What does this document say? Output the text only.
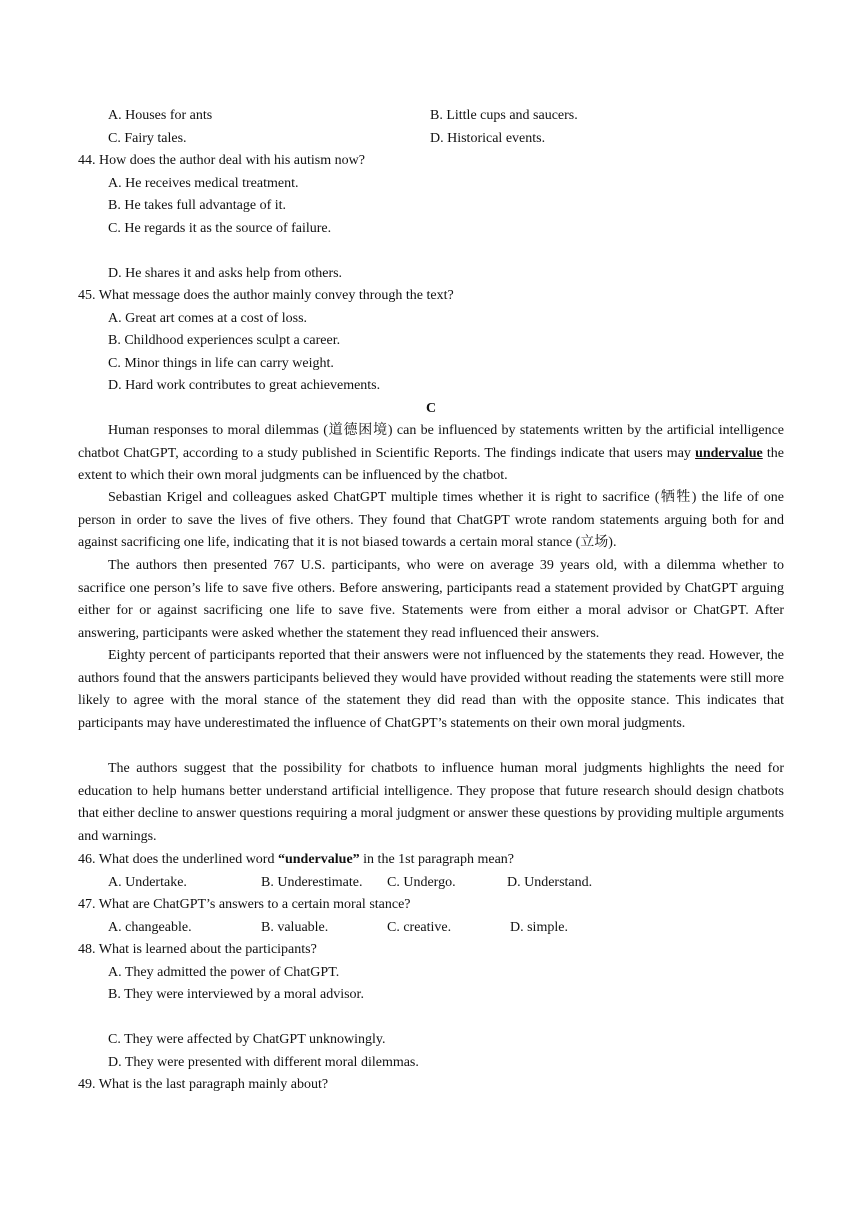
A. Houses for ants	B. Little cups and saucers.
C. Fairy tales.	D. Historical events.
44. How does the author deal with his autism now?
A. He receives medical treatment.
B. He takes full advantage of it.
C. He regards it as the source of failure.
D. He shares it and asks help from others.
45. What message does the author mainly convey through the text?
A. Great art comes at a cost of loss.
B. Childhood experiences sculpt a career.
C. Minor things in life can carry weight.
D. Hard work contributes to great achievements.
C

Human responses to moral dilemmas (道德困境) can be influenced by statements written by the artificial intelligence chatbot ChatGPT, according to a study published in Scientific Reports. The findings indicate that users may undervalue the extent to which their own moral judgments can be influenced by the chatbot.

Sebastian Krigel and colleagues asked ChatGPT multiple times whether it is right to sacrifice (牺牲) the life of one person in order to save the lives of five others. They found that ChatGPT wrote random statements arguing both for and against sacrificing one life, indicating that it is not biased towards a certain moral stance (立场).

The authors then presented 767 U.S. participants, who were on average 39 years old, with a dilemma whether to sacrifice one person’s life to save five others. Before answering, participants read a statement provided by ChatGPT arguing either for or against sacrificing one life to save five. Statements were from either a moral advisor or ChatGPT. After answering, participants were asked whether the statement they read influenced their answers.

Eighty percent of participants reported that their answers were not influenced by the statements they read. However, the authors found that the answers participants believed they would have provided without reading the statements were still more likely to agree with the moral stance of the statement they did read than with the opposite stance. This indicates that participants may have underestimated the influence of ChatGPT’s statements on their own moral judgments.

The authors suggest that the possibility for chatbots to influence human moral judgments highlights the need for education to help humans better understand artificial intelligence. They propose that future research should design chatbots that either decline to answer questions requiring a moral judgment or answer these questions by providing multiple arguments and warnings.

46. What does the underlined word “undervalue” in the 1st paragraph mean?
A. Undertake.	B. Underestimate. C. Undergo.	D. Understand.
47. What are ChatGPT’s answers to a certain moral stance?
A. changeable.	B. valuable.	C. creative.	D. simple.
48. What is learned about the participants?
A. They admitted the power of ChatGPT.
B. They were interviewed by a moral advisor.
C. They were affected by ChatGPT unknowingly.
D. They were presented with different moral dilemmas.
49. What is the last paragraph mainly about?
